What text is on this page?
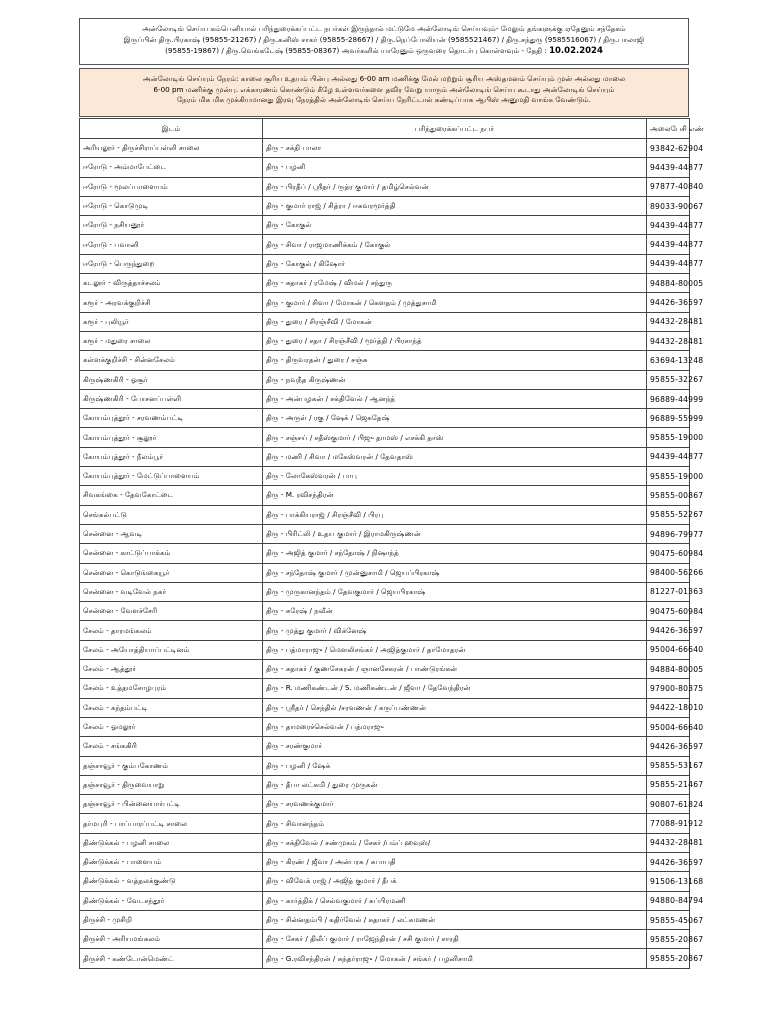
அன்லோடிங் செய்ய கம்பெனியால் பரிந்துரைக்கப்பட்ட நபர்கள் இருந்தால் மட்டுமே அன்லோடிங் செய்யவும்- மேலும் தங்களுக்கு ஏதேனும் சந்தேகம்
இருப்பின் திரு.பிரகாஷ் (95855-21267) / திரு.கனிஸ் சாகர் (95855-28667) / திரு.நெப்போலியன் (9585521467) / திரு.சந்துரு (9585516067) / திரு.பாலாஜி
(95855-19867) / திரு.வெங்கடேஷ் (95855-08367) அவர்களில் யாரேனும் ஒருவரை தொடர்பு கொள்ளவும் - தேதி : 10.02.2024
அன்லோடிங் செய்யும் நேரம்: காலை சூரிய உதயம் பின்பு அல்லது 6-00 am மணிக்கு மேல் மற்றும் சூரிய அஸ்தமனம் செய்யும் முன் அல்லது மாலை
6-00 pm மணிக்கு முன்பு. எக்காரணம் கொண்டும் கீழே உள்ளவர்களை தவிர வேறு யாரும் அன்லோடிங் செய்ய கூடாது அன்லோடிங் செய்யும்
நேரம் மிக மிக முக்கியமானது இரவு நேரத்தில் அன்லோடிங் செய்ய நேரிட்டால் கண்டிப்பாக ஆபிஸ் அனுமதி வாங்க வேண்டும்.
இடம்	பரிந்துரைக்கப்பட்ட நபர்	அலைபேசி எண்
அரியலூர் - திருச்சிராப்பள்ளி சாலை	திரு - சக்தி பாலா	93842-62904
ஈரோடு - அம்மாபேட்டை	திரு - பழனி	94439-44877
ஈரோடு - மூலப்பாளையம்	திரு - பிரதீப் / ஸ்ரீதர் / ருத்ர குமார் / தமிழ்செல்வன்	97877-40840
ஈரோடு - கொடுமுடி	திரு - குமார் ராஜ் / சித்ரா / ஈசுவரமூர்த்தி	89033-90067
ஈரோடு - நசியனூர்	திரு - கோகுல்	94439-44877
ஈரோடு - பவானி	திரு - சிவா / ராஜமாணிக்கம் / கோகுல்	94439-44877
ஈரோடு - பெருந்துறை	திரு - கோகுல் / கிஷோர்	94439-44877
கடலூர் - விருத்தாச்சலம்	திரு - சுதாகர் / ரமேஷ் / விமல் / சந்துரு	94884-80005
கரூர் - அரவக்குறிச்சி	திரு - குமார் / சிவா / மோகன் / கௌதம் / முத்துசாமி	94426-36597
கரூர் - புலியூர்	திரு - துரை / சிரஞ்சீவி / மோகன்	94432-28481
கரூர் - மதுரை சாலை	திரு - துரை / சதா / சிரஞ்சீவி / மூர்த்தி / பிரசாந்த்	94432-28481
கள்ளக்குறிச்சி - சின்னசேலம்	திரு - திருவரதன் / துரை / சஞ்சு	63694-13248
கிருஷ்ணகிரி - ஓசூர்	திரு - நவநீத கிருஷ்ணன்	95855-32267
கிருஷ்ணகிரி - போசனப்பள்ளி	திரு - அன்பழகன் / சக்திவேல் / ஆனந்த்	96889-44999
கோயம்புத்தூர் - சரவணம்பட்டி	திரு - அருள் / ரகு / ஷேக் / ஜெகதேஷ்	96889-55999
கோயம்புத்தூர் - சூலூர்	திரு - சஞ்சய் / சதீஸ்குமார் / பிஜு தாமஸ் / எசக்கி தாஸ்	95855-19000
கோயம்புத்தூர் - நீலம்பூர்	திரு - மணி / சிவா / மகேஸ்வரன் / தேவதாஸ்	94439-44877
கோயம்புத்தூர் - மேட்டுப்பாளையம்	திரு - லோகேஸ்வரன் / பாபு	95855-19000
சிவகங்கை - தேவகோட்டை	திரு - M. ரவிசந்திரன்	95855-00867
செங்கல்பட்டு	திரு - பாக்கியராஜ் / சிரஞ்சீவி / பிரபு	95855-52267
சென்னை - ஆவடி	திரு - பிரிட்லி / உதய குமார் / இராமகிருஷ்ணன்	94896-79977
சென்னை - காட்டுப்பாக்கம்	திரு - அஜித் குமார் / சந்தோஷ் / நிஷாந்த்	90475-60984
சென்னை - கொடுங்கையூர்	திரு - சந்தோஷ் குமார் / முன்னுசாமி / ஜெயப்பிரகாஷ்	98400-56266
சென்னை - வடிவேல் நகர்	திரு - முருகானந்தம் / தேவகுமார் / ஜெயபிரகாஷ்	81227-01363
சென்னை - வேளச்சேரி	திரு - சுரேஷ் / நவீன்	90475-60984
சேலம் - தாரமங்கலம்	திரு - முத்து குமார் / விக்னேஷ்	94426-36597
சேலம் - அயோத்தியாப்பட்டினம்	திரு - பத்மாராஜு / மௌலிசங்கர் / அஜித்குமார் / தாமோதரன்	95004-66640
சேலம் - ஆத்தூர்	திரு - சுதாகர் / குணசேகரன் / ஞானசேகரன் / பாண்டுரங்கன்	94884-80005
சேலம் - உத்தமசோழபுரம்	திரு - R. மணிகண்டன் / S. மணிகண்டன் / ஜீவா / தேவேந்திரன்	97900-80375
சேலம் - கந்தம்பட்டி	திரு - ஸ்ரீதர் / செந்தில் /சரவணன் / கருப்பண்ணன்	94422-18010
சேலம் - ஓமலூர்	திரு - தாமரைச்செல்வன் / பத்மராஜு	95004-66640
சேலம் - சங்ககிரி	திரு - சரண்குமார்	94426-36597
தஞ்சாவூர் - கும்பகோணம்	திரு - பழனி / ஷேக்	95855-53167
தஞ்சாவூர் - திருவையாறு	திரு - தீபா லட்சுமி / துரை முருகன்	95855-21467
தஞ்சாவூர் - பின்னையார்பட்டி	திரு - சரவணக்குமார்	90807-61824
தர்மபுரி - பாப்பாரப்பட்டி சாலை	திரு - சிவானந்தம்	77088-91912
திண்டுக்கல் - பழனி சாலை	திரு - சக்திவேல் / சண்முகம் / சேகர் /பம்ப் ஹவுஸ்/	94432-28481
திண்டுக்கல் - பாளையம்	திரு - கிரண் / ஜீவா / அன்பரசு / சுபாபதி	94426-36597
திண்டுக்கல் - வத்தலக்குண்டு	திரு - விவேக் ராஜ் / அஜித் குமார் / தீபக்	91506-13168
திண்டுக்கல் - வேடசந்தூர்	திரு - கார்த்திக் / செல்வகுமார் / சுப்பிரமணி	94880-84794
திருச்சி - முசிறி	திரு - சின்னதம்பி / கதிர்வேல் / சுதாகர் / லட்சுமணன்	95855-45067
திருச்சி - அரியமங்கலம்	திரு - சேகர் / திலீப் குமார் / ராஜேந்திரன் / சசி குமார் / சாரதி	95855-20867
திருச்சி - கண்டோன்மெண்ட்	திரு - G.ரவிசந்திரன் / சுந்தர்ராஜு / மோகன் / சங்கர் / பழனிசாமி	95855-20867
